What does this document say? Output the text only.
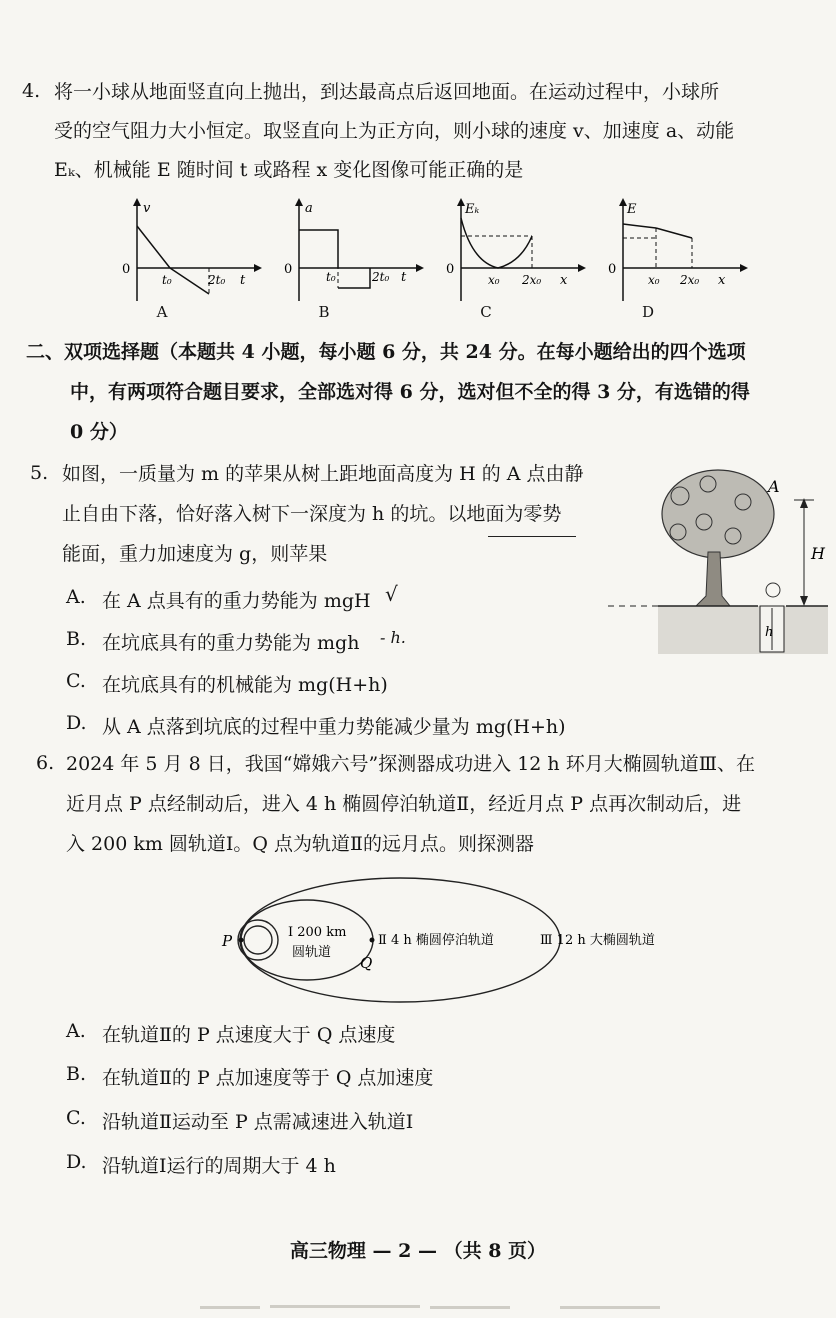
4. 将一小球从地面竖直向上抛出，到达最高点后返回地面。在运动过程中，小球所
受的空气阻力大小恒定。取竖直向上为正方向，则小球的速度 v、加速度 a、动能
Eₖ、机械能 E 随时间 t 或路程 x 变化图像可能正确的是
v
0
t₀	2t₀ t
A
a
0	t₀	2t₀ t
B
Eₖ
0
x₀ 2x₀ x
C
E
0
x₀ 2x₀ x
D
二、双项选择题（本题共 4 小题，每小题 6 分，共 24 分。在每小题给出的四个选项
中，有两项符合题目要求，全部选对得 6 分，选对但不全的得 3 分，有选错的得
0 分）
5. 如图，一质量为 m 的苹果从树上距地面高度为 H 的 A 点由静
止自由下落，恰好落入树下一深度为 h 的坑。以地面为零势
能面，重力加速度为 g，则苹果
A. 在 A 点具有的重力势能为 mgH √
B. 在坑底具有的重力势能为 mgh - h.
C. 在坑底具有的机械能为 mg(H+h)
D. 从 A 点落到坑底的过程中重力势能减少量为 mg(H+h)
A
H
h
6. 2024 年 5 月 8 日，我国“嫦娥六号”探测器成功进入 12 h 环月大椭圆轨道Ⅲ、在
近月点 P 点经制动后，进入 4 h 椭圆停泊轨道Ⅱ，经近月点 P 点再次制动后，进
入 200 km 圆轨道Ⅰ。Q 点为轨道Ⅱ的远月点。则探测器
P
Q
Ⅰ 200 km
圆轨道
Ⅱ 4 h 椭圆停泊轨道	Ⅲ 12 h 大椭圆轨道
A. 在轨道Ⅱ的 P 点速度大于 Q 点速度
B. 在轨道Ⅱ的 P 点加速度等于 Q 点加速度
C. 沿轨道Ⅱ运动至 P 点需减速进入轨道Ⅰ
D. 沿轨道Ⅰ运行的周期大于 4 h
高三物理 — 2 — （共 8 页）
